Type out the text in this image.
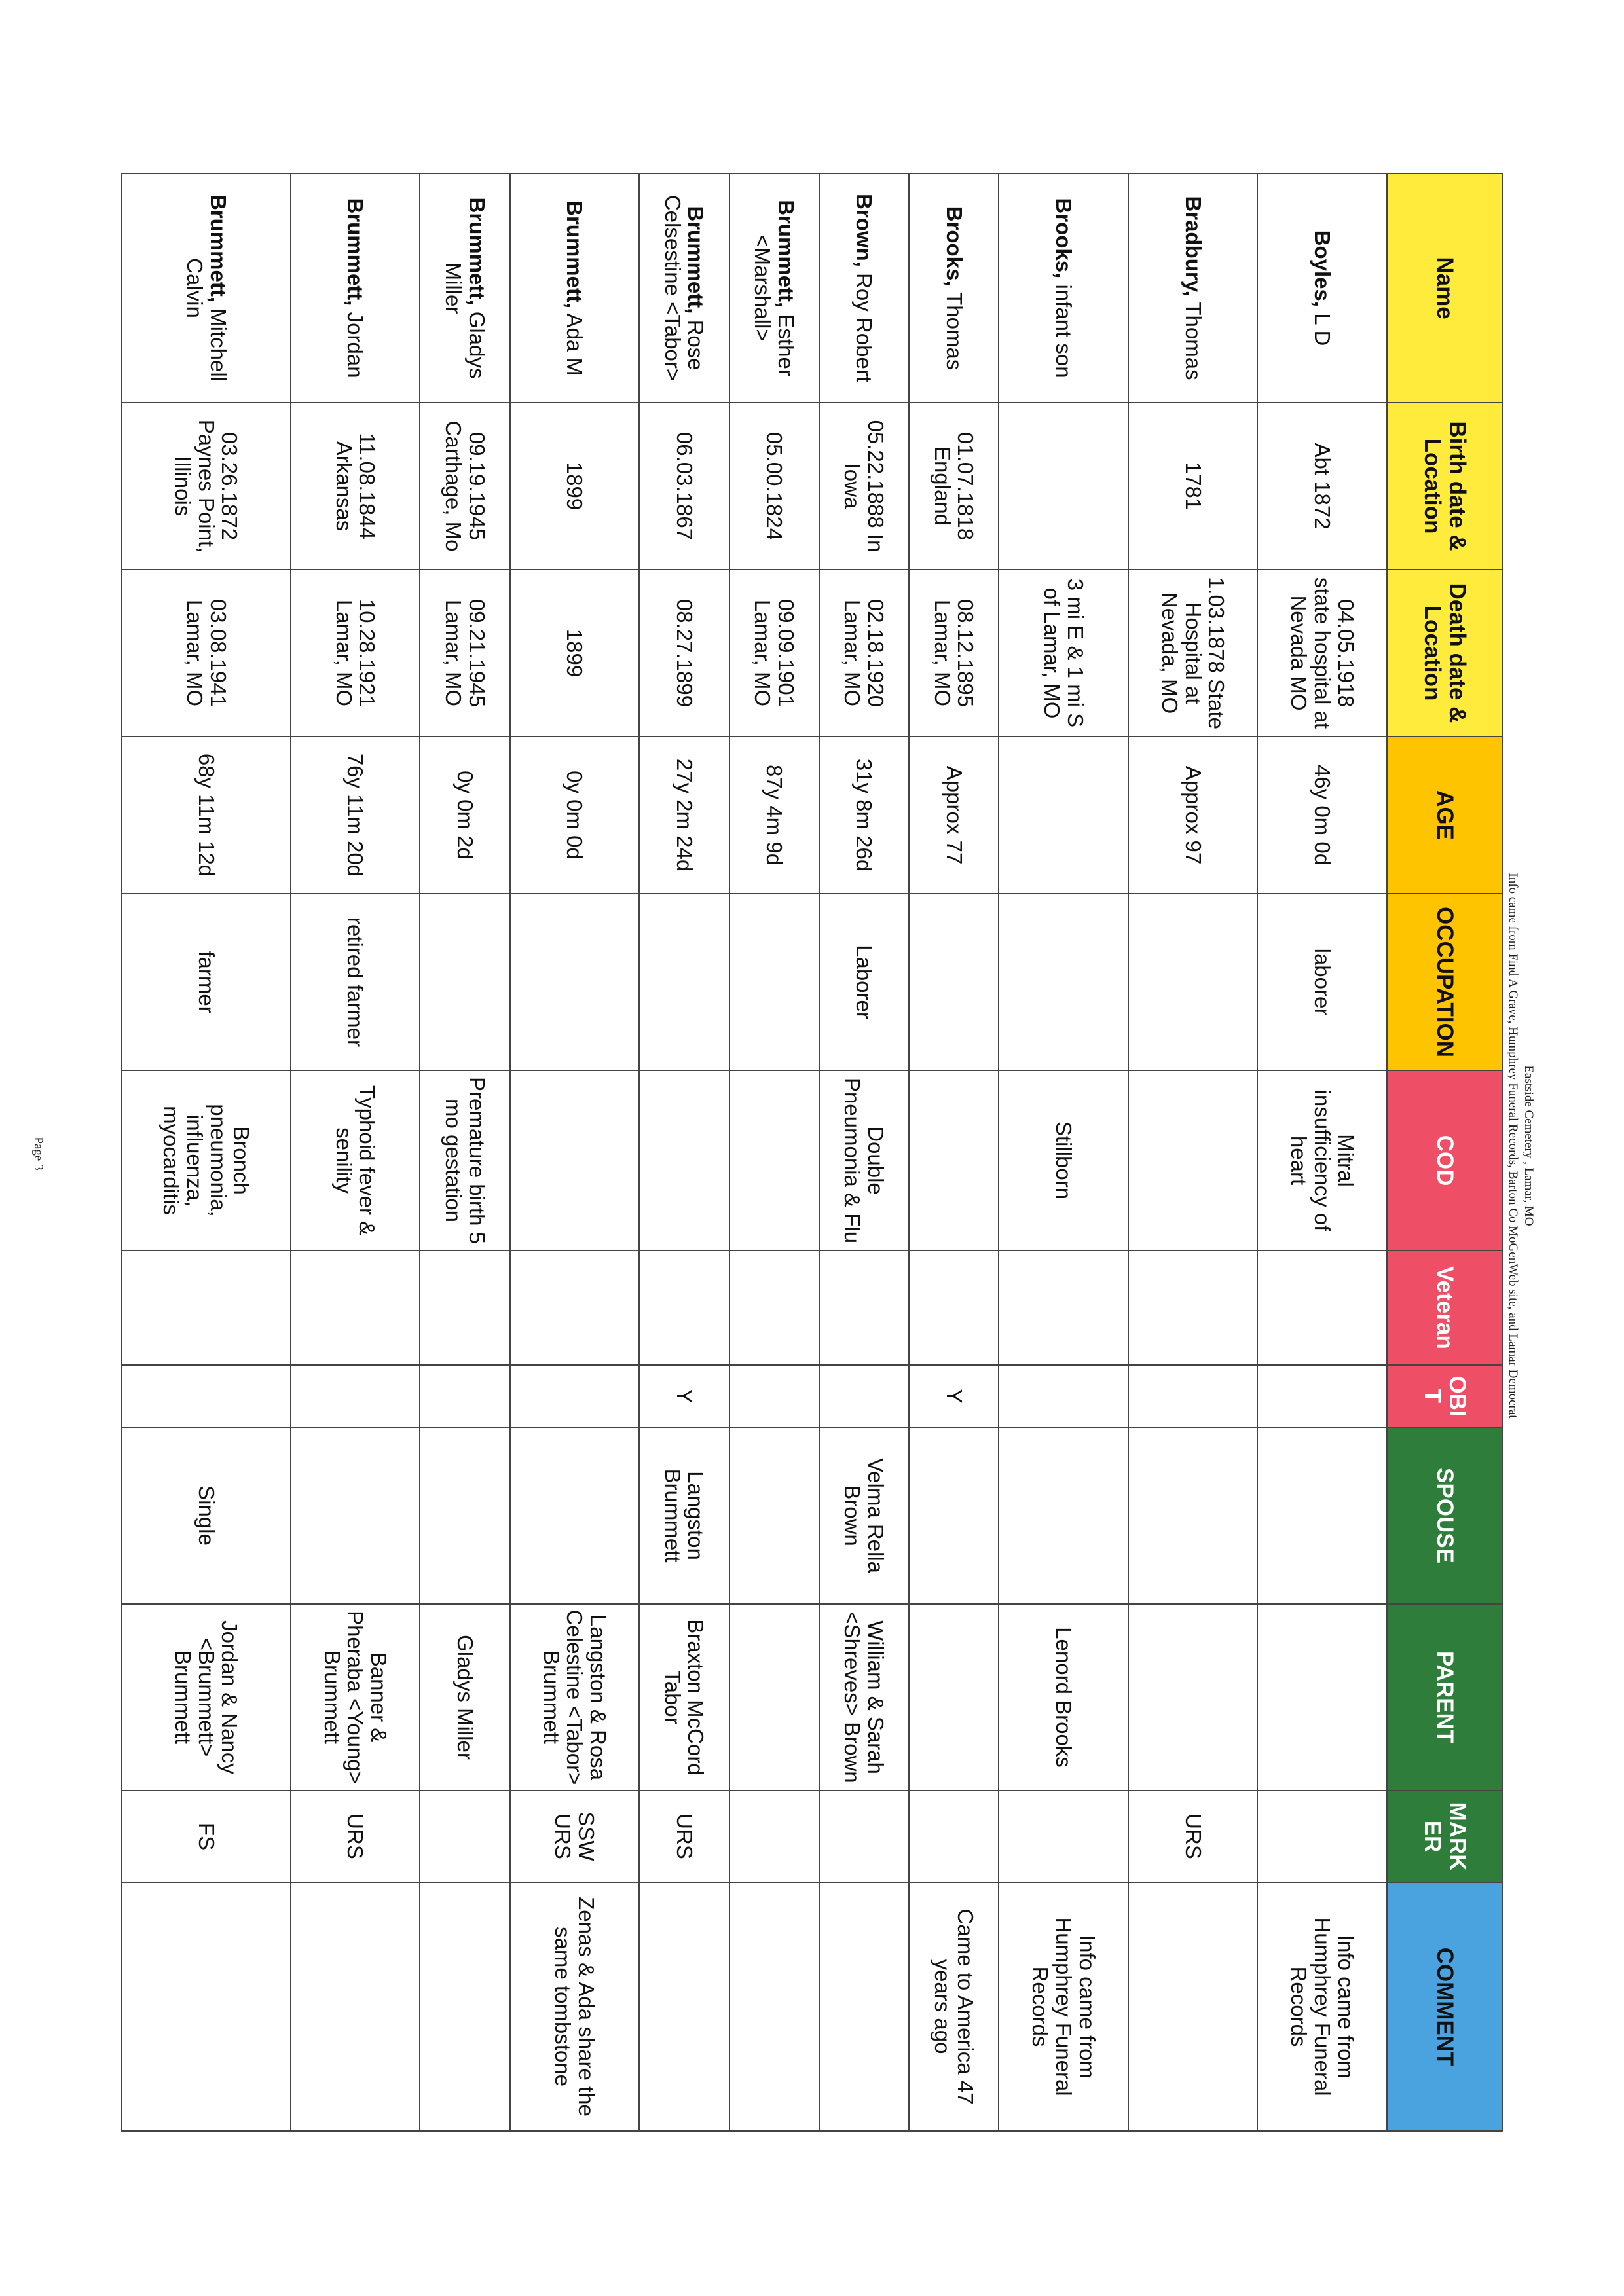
Eastside Cemetery , Lamar, MO
Info came from Find A Grave, Humphrey Funeral Records, Barton Co MoGenWeb site, and Lamar Democrat
Page 3
Name	Birth date & Location	Death date & Location	AGE	OCCUPATION	COD	Veteran	OBIT	SPOUSE	PARENT	MARKER	COMMENT
Boyles, L D	Abt 1872	04.05.1918 state hospital at Nevada MO	46y 0m 0d	laborer	Mitral insufficiency of heart						Info came from Humphrey Funeral Records
Bradbury, Thomas	1781	1.03.1878 State Hospital at Nevada, MO	Approx 97							URS	
Brooks, infant son		3 mi E & 1 mi S of Lamar, MO			Stillborn				Lenord Brooks		Info came from Humphrey Funeral Records
Brooks, Thomas	01.07.1818 England	08.12.1895 Lamar, MO	Approx 77				Y				Came to America 47 years ago
Brown, Roy Robert	05.22.1888 In Iowa	02.18.1920 Lamar, MO	31y 8m 26d	Laborer	Double Pneumonia & Flu			Velma Rella Brown	William & Sarah <Shreves> Brown		
Brummett, Esther <Marshall>	05.00.1824	09.09.1901 Lamar, MO	87y 4m 9d								
Brummett, Rose Celsestine <Tabor>	06.03.1867	08.27.1899	27y 2m 24d				Y	Langston Brummett	Braxton McCord Tabor	URS	
Brummett, Ada M	1899	1899	0y 0m 0d						Langston & Rosa Celestine <Tabor> Brummett	SSW URS	Zenas & Ada share the same tombstone
Brummett, Gladys Miller	09.19.1945 Carthage, Mo	09.21.1945 Lamar, MO	0y 0m 2d		Premature birth 5 mo gestation				Gladys Miller		
Brummett, Jordan	11.08.1844 Arkansas	10.28.1921 Lamar, MO	76y 11m 20d	retired farmer	Typhoid fever & senility				Banner & Pheraba <Young> Brummett	URS	
Brummett, Mitchell Calvin	03.26.1872 Paynes Point, Illinois	03.08.1941 Lamar, MO	68y 11m 12d	farmer	Bronch pneumonia, influenza, myocarditis			Single	Jordan & Nancy <Brummett> Brummett	FS	
